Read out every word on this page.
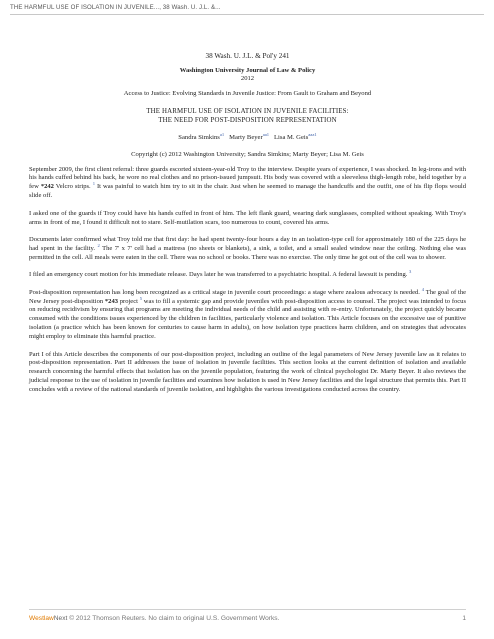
THE HARMFUL USE OF ISOLATION IN JUVENILE..., 38 Wash. U. J.L. &...
38 Wash. U. J.L. & Pol'y 241
Washington University Journal of Law & Policy
2012
Access to Justice: Evolving Standards in Juvenile Justice: From Gault to Graham and Beyond
THE HARMFUL USE OF ISOLATION IN JUVENILE FACILITIES:
THE NEED FOR POST-DISPOSITION REPRESENTATION
Sandra Simkins$^{a1}$ Marty Beyer$^{aa1}$ Lisa M. Geis$^{aaa1}$
Copyright (c) 2012 Washington University; Sandra Simkins; Marty Beyer; Lisa M. Geis
September 2009, the first client referral: three guards escorted sixteen-year-old Troy to the interview. Despite years of experience, I was shocked. In leg-irons and with his hands cuffed behind his back, he wore no real clothes and no prison-issued jumpsuit. His body was covered with a sleeveless thigh-length robe, held together by a few *242 Velcro strips. $^1$ It was painful to watch him try to sit in the chair. Just when he seemed to manage the handcuffs and the outfit, one of his flip flops would slide off.
I asked one of the guards if Troy could have his hands cuffed in front of him. The left flank guard, wearing dark sunglasses, complied without speaking. With Troy's arms in front of me, I found it difficult not to stare. Self-mutilation scars, too numerous to count, covered his arms.
Documents later confirmed what Troy told me that first day: he had spent twenty-four hours a day in an isolation-type cell for approximately 180 of the 225 days he had spent in the facility. $^2$ The 7' x 7' cell had a mattress (no sheets or blankets), a sink, a toilet, and a small sealed window near the ceiling. Nothing else was permitted in the cell. All meals were eaten in the cell. There was no school or books. There was no exercise. The only time he got out of the cell was to shower.
I filed an emergency court motion for his immediate release. Days later he was transferred to a psychiatric hospital. A federal lawsuit is pending. $^3$
Post-disposition representation has long been recognized as a critical stage in juvenile court proceedings: a stage where zealous advocacy is needed. $^4$ The goal of the New Jersey post-disposition *243 project $^5$ was to fill a systemic gap and provide juveniles with post-disposition access to counsel. The project was intended to focus on reducing recidivism by ensuring that programs are meeting the individual needs of the child and assisting with re-entry. Unfortunately, the project quickly became consumed with the conditions issues experienced by the children in facilities, particularly violence and isolation. This Article focuses on the excessive use of punitive isolation (a practice which has been known for centuries to cause harm in adults), on how isolation type practices harm children, and on strategies that advocates might employ to eliminate this harmful practice.
Part I of this Article describes the components of our post-disposition project, including an outline of the legal parameters of New Jersey juvenile law as it relates to post-disposition representation. Part II addresses the issue of isolation in juvenile facilities. This section looks at the current definition of isolation and available research concerning the harmful effects that isolation has on the juvenile population, featuring the work of clinical psychologist Dr. Marty Beyer. It also reviews the judicial response to the use of isolation in juvenile facilities and examines how isolation is used in New Jersey facilities and the legal structure that permits this. Part II concludes with a review of the national standards of juvenile isolation, and highlights the various investigations conducted across the country.
WestlawNext © 2012 Thomson Reuters. No claim to original U.S. Government Works.	1
